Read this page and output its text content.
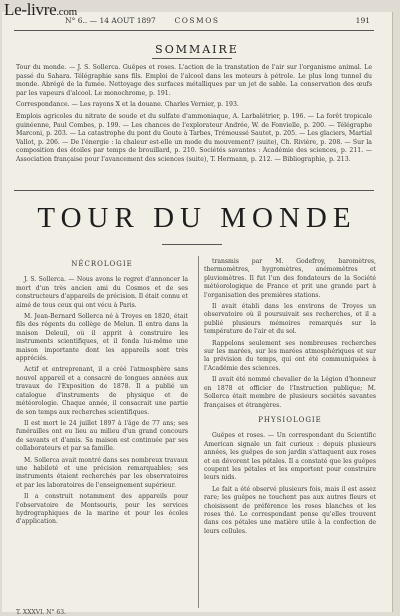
N° 6.. — 14 AOUT 1897	COSMOS	191
SOMMAIRE

Tour du monde. — J. S. Sollerca. Guêpes et roses. L'action de la transtation de l'air sur l'organisme animal. Le passé du Sahara. Télégraphie sans fils. Emploi de l'alcool dans les moteurs à pétrole. Le plus long tunnel du monde. Abrégé de la fumée. Nettoyage des surfaces métalliques par un jet de sable. La conservation des œufs par les vapeurs d'alcool. Le monochrome, p. 191.

Correspondance. — Les rayons X et la douane. Charles Vernier, p. 193.

Emplois agricoles du nitrate de soude et du sulfate d'ammoniaque, A. Larbalétrier, p. 196. — La forêt tropicale guinéenne, Paul Combes, p. 199. — Les chances de l'explorateur Andrée, W. de Fonvielle, p. 200. — Télégraphe Marconi, p. 203. — La catastrophe du pont du Goute à Tarbes, Trémoussé Sautet, p. 205. — Les glaciers, Martial Vallot, p. 206. — De l'énergie : la chaleur est-elle un mode du mouvement? (suite), Ch. Rivière, p. 208. — Sur la composition des étoiles par temps de brouillard, p. 210. Sociétés savantes : Académie des sciences, p. 211. — Association française pour l'avancement des sciences (suite), T. Hermann, p. 212. — Bibliographie, p. 213.

TOUR DU MONDE
NÉCROLOGIE

J. S. Sollerca. — Nous avons le regret d'annoncer la mort d'un très ancien ami du Cosmos et de ses constructeurs d'appareils de précision. Il était connu et aimé de tous ceux qui ont vécu à Paris.

M. Jean-Bernard Sollerca né à Troyes en 1820, était fils des régents du collège de Melun. Il entra dans la maison Deleuil, où il apprit à construire les instruments scientifiques, et il fonda lui-même une maison importante dont les appareils sont très appréciés.

Actif et entreprenant, il a créé l'atmosphère sans nouvel appareil et a consacré de longues années aux travaux de l'Exposition de 1878. Il a publié un catalogue d'instruments de physique et de météorologie. Chaque année, il consacrait une partie de son temps aux recherches scientifiques.

Il est mort le 24 juillet 1897 à l'âge de 77 ans; ses funérailles ont eu lieu au milieu d'un grand concours de savants et d'amis. Sa maison est continuée par ses collaborateurs et par sa famille.

M. Sollerca avait montré dans ses nombreux travaux une habileté et une précision remarquables; ses instruments étaient recherchés par les observatoires et par les laboratoires de l'enseignement supérieur.

Il a construit notamment des appareils pour l'observatoire de Montsouris, pour les services hydrographiques de la marine et pour les écoles d'application.

transmis par M. Godefroy, baromètres, thermomètres, hygromètres, anémomètres et pluviomètres. Il fut l'un des fondateurs de la Société météorologique de France et prit une grande part à l'organisation des premières stations.

Il avait établi dans les environs de Troyes un observatoire où il poursuivait ses recherches, et il a publié plusieurs mémoires remarqués sur la température de l'air et du sol.

Rappelons seulement ses nombreuses recherches sur les marées, sur les marées atmosphériques et sur la prévision du temps, qui ont été communiquées à l'Académie des sciences.

Il avait été nommé chevalier de la Légion d'honneur en 1878 et officier de l'Instruction publique; M. Sollerca était membre de plusieurs sociétés savantes françaises et étrangères.

PHYSIOLOGIE

Guêpes et roses. — Un correspondant du Scientific American signale un fait curieux : depuis plusieurs années, les guêpes de son jardin s'attaquent aux roses et en dévorent les pétales. Il a constaté que les guêpes coupent les pétales et les emportent pour construire leurs nids.

Le fait a été observé plusieurs fois, mais il est assez rare; les guêpes ne touchent pas aux autres fleurs et choisissent de préférence les roses blanches et les roses thé. Le correspondant pense qu'elles trouvent dans ces pétales une matière utile à la confection de leurs cellules.

T. XXXVI. N° 63.
Le-livre.com
